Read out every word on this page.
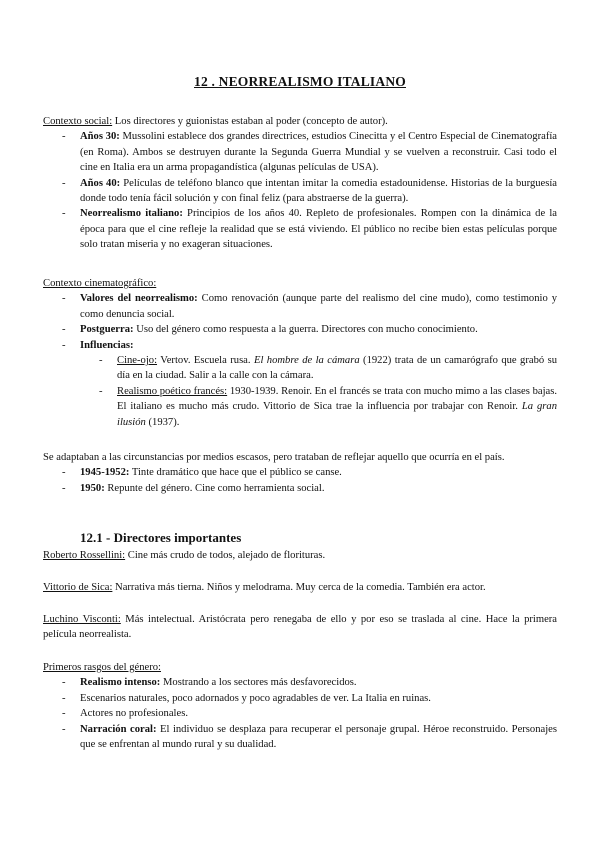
12 . NEORREALISMO ITALIANO
Contexto social: Los directores y guionistas estaban al poder (concepto de autor).
- Años 30: Mussolini establece dos grandes directrices, estudios Cinecitta y el Centro Especial de Cinematografía (en Roma). Ambos se destruyen durante la Segunda Guerra Mundial y se vuelven a reconstruir. Casi todo el cine en Italia era un arma propagandística (algunas películas de USA).
- Años 40: Películas de teléfono blanco que intentan imitar la comedia estadounidense. Historias de la burguesía donde todo tenía fácil solución y con final feliz (para abstraerse de la guerra).
- Neorrealismo italiano: Principios de los años 40. Repleto de profesionales. Rompen con la dinámica de la época para que el cine refleje la realidad que se está viviendo. El público no recibe bien estas películas porque solo tratan miseria y no exageran situaciones.
Contexto cinematográfico:
- Valores del neorrealismo: Como renovación (aunque parte del realismo del cine mudo), como testimonio y como denuncia social.
- Postguerra: Uso del género como respuesta a la guerra. Directores con mucho conocimiento.
- Influencias:
- Cine-ojo: Vertov. Escuela rusa. El hombre de la cámara (1922) trata de un camarógrafo que grabó su día en la ciudad. Salir a la calle con la cámara.
- Realismo poético francés: 1930-1939. Renoir. En el francés se trata con mucho mimo a las clases bajas. El italiano es mucho más crudo. Vittorio de Sica trae la influencia por trabajar con Renoir. La gran ilusión (1937).
Se adaptaban a las circunstancias por medios escasos, pero trataban de reflejar aquello que ocurría en el país.
- 1945-1952: Tinte dramático que hace que el público se canse.
- 1950: Repunte del género. Cine como herramienta social.
12.1 - Directores importantes
Roberto Rossellini: Cine más crudo de todos, alejado de florituras.
Vittorio de Sica: Narrativa más tierna. Niños y melodrama. Muy cerca de la comedia. También era actor.
Luchino Visconti: Más intelectual. Aristócrata pero renegaba de ello y por eso se traslada al cine. Hace la primera película neorrealista.
Primeros rasgos del género:
- Realismo intenso: Mostrando a los sectores más desfavorecidos.
- Escenarios naturales, poco adornados y poco agradables de ver. La Italia en ruinas.
- Actores no profesionales.
- Narración coral: El individuo se desplaza para recuperar el personaje grupal. Héroe reconstruido. Personajes que se enfrentan al mundo rural y su dualidad.
